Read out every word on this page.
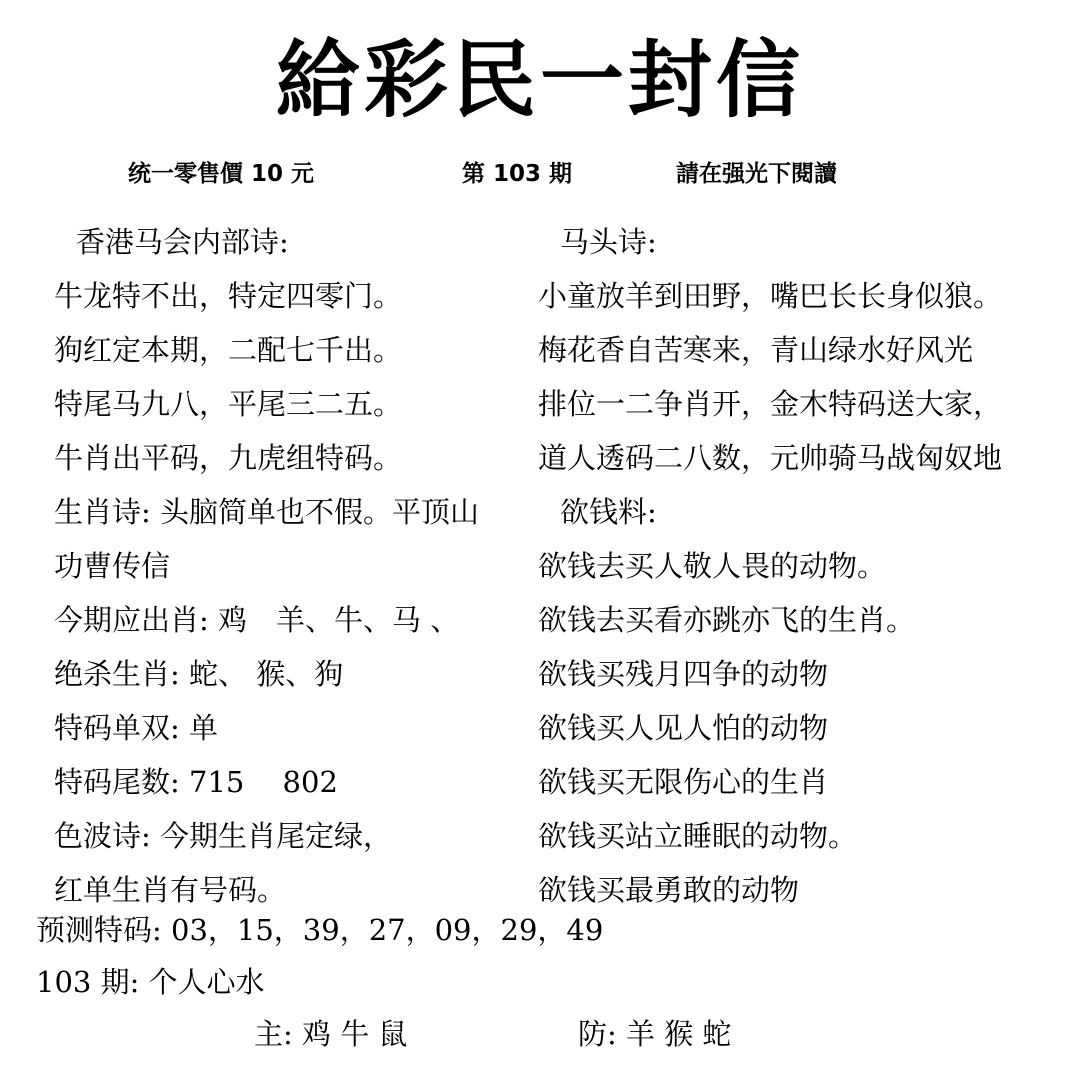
給彩民一封信
统一零售價 10 元	第 103 期	請在强光下閱讀
香港马会内部诗:	马头诗:
牛龙特不出，特定四零门。
狗红定本期，二配七千出。
特尾马九八，平尾三二五。
牛肖出平码，九虎组特码。
生肖诗: 头脑简单也不假。平顶山
功曹传信
今期应出肖: 鸡　羊、牛、马 、
绝杀生肖: 蛇、 猴、狗
特码单双: 单
特码尾数: 715　 802
色波诗: 今期生肖尾定绿，
红单生肖有号码。
小童放羊到田野，嘴巴长长身似狼。
梅花香自苦寒来，青山绿水好风光
排位一二争肖开，金木特码送大家，
道人透码二八数，元帅骑马战匈奴地
欲钱料:
欲钱去买人敬人畏的动物。
欲钱去买看亦跳亦飞的生肖。
欲钱买残月四争的动物
欲钱买人见人怕的动物
欲钱买无限伤心的生肖
欲钱买站立睡眠的动物。
欲钱买最勇敢的动物
预测特码: 03，15，39，27，09，29，49
103 期: 个人心水
主: 鸡 牛 鼠	防: 羊 猴 蛇
